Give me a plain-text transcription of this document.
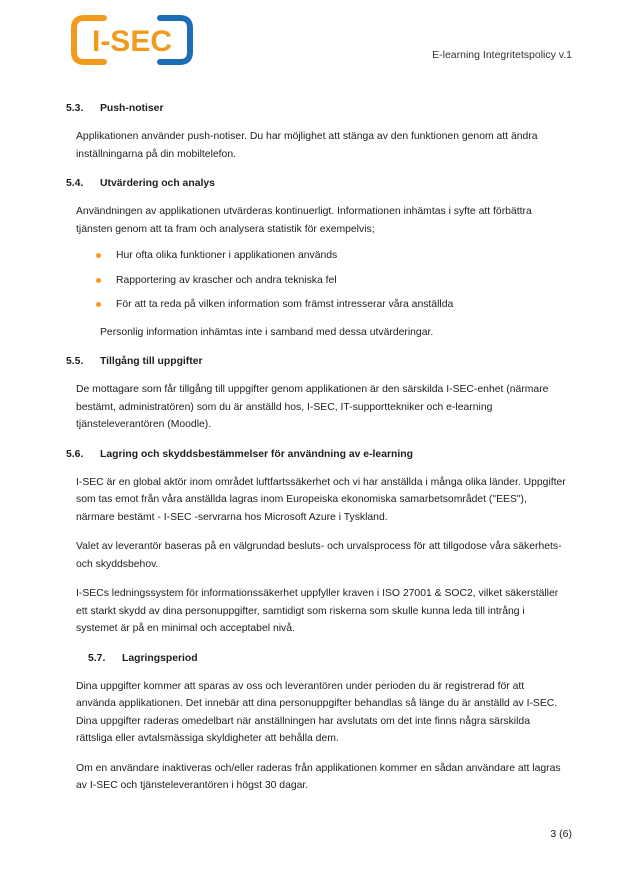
I-SEC	E-learning Integritetspolicy v.1
5.3. Push-notiser

Applikationen använder push-notiser. Du har möjlighet att stänga av den funktionen genom att ändra inställningarna på din mobiltelefon.

5.4. Utvärdering och analys

Användningen av applikationen utvärderas kontinuerligt. Informationen inhämtas i syfte att förbättra tjänsten genom att ta fram och analysera statistik för exempelvis;

Hur ofta olika funktioner i applikationen används
Rapportering av krascher och andra tekniska fel
För att ta reda på vilken information som främst intresserar våra anställda

Personlig information inhämtas inte i samband med dessa utvärderingar.

5.5. Tillgång till uppgifter

De mottagare som får tillgång till uppgifter genom applikationen är den särskilda I-SEC-enhet (närmare bestämt, administratören) som du är anställd hos, I-SEC, IT-supporttekniker och e-learning tjänsteleverantören (Moodle).

5.6. Lagring och skyddsbestämmelser för användning av e-learning

I-SEC är en global aktör inom området luftfartssäkerhet och vi har anställda i många olika länder. Uppgifter som tas emot från våra anställda lagras inom Europeiska ekonomiska samarbetsområdet ("EES"), närmare bestämt - I-SEC -servrarna hos Microsoft Azure i Tyskland.

Valet av leverantör baseras på en välgrundad besluts- och urvalsprocess för att tillgodose våra säkerhets- och skyddsbehov.

I-SECs ledningssystem för informationssäkerhet uppfyller kraven i ISO 27001 & SOC2, vilket säkerställer ett starkt skydd av dina personuppgifter, samtidigt som riskerna som skulle kunna leda till intrång i systemet är på en minimal och acceptabel nivå.

5.7. Lagringsperiod

Dina uppgifter kommer att sparas av oss och leverantören under perioden du är registrerad för att använda applikationen. Det innebär att dina personuppgifter behandlas så länge du är anställd av I-SEC. Dina uppgifter raderas omedelbart när anställningen har avslutats om det inte finns några särskilda rättsliga eller avtalsmässiga skyldigheter att behålla dem.

Om en användare inaktiveras och/eller raderas från applikationen kommer en sådan användare att lagras av I-SEC och tjänsteleverantören i högst 30 dagar.

3 (6)
